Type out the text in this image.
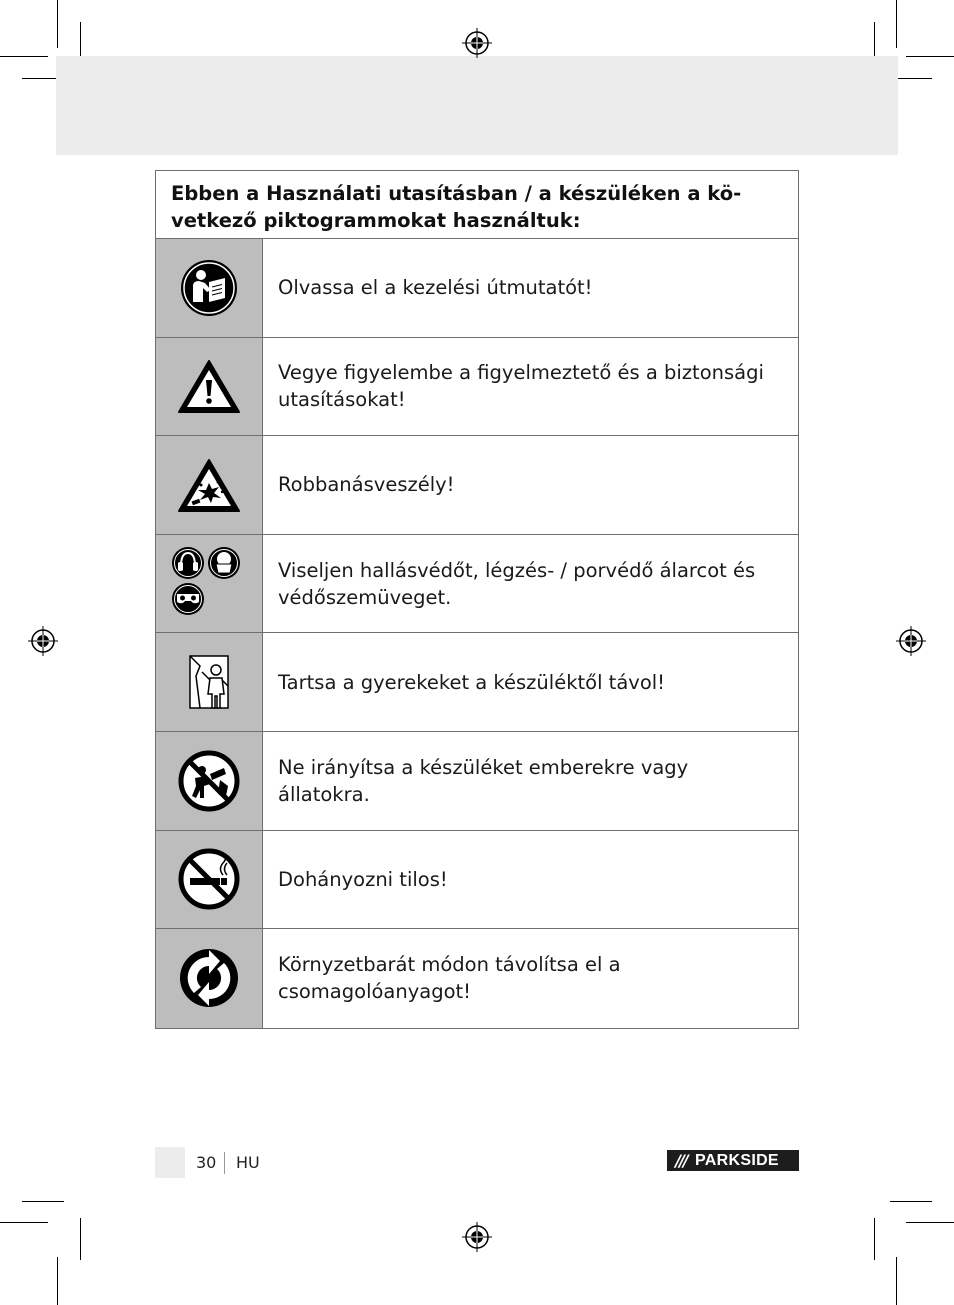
Ebben a Használati utasításban / a készüléken a kö-vetkező piktogrammokat használtuk:
Olvassa el a kezelési útmutatót!
Vegye figyelembe a figyelmeztető és a biztonsági utasításokat!
Robbanásveszély!
Viseljen hallásvédőt, légzés- / porvédő álarcot és védőszemüveget.
Tartsa a gyerekeket a készüléktől távol!
Ne irányítsa a készüléket emberekre vagy állatokra.
Dohányozni tilos!
Környzetbarát módon távolítsa el a csomagolóanyagot!
30 HU	/// PARKSIDE
